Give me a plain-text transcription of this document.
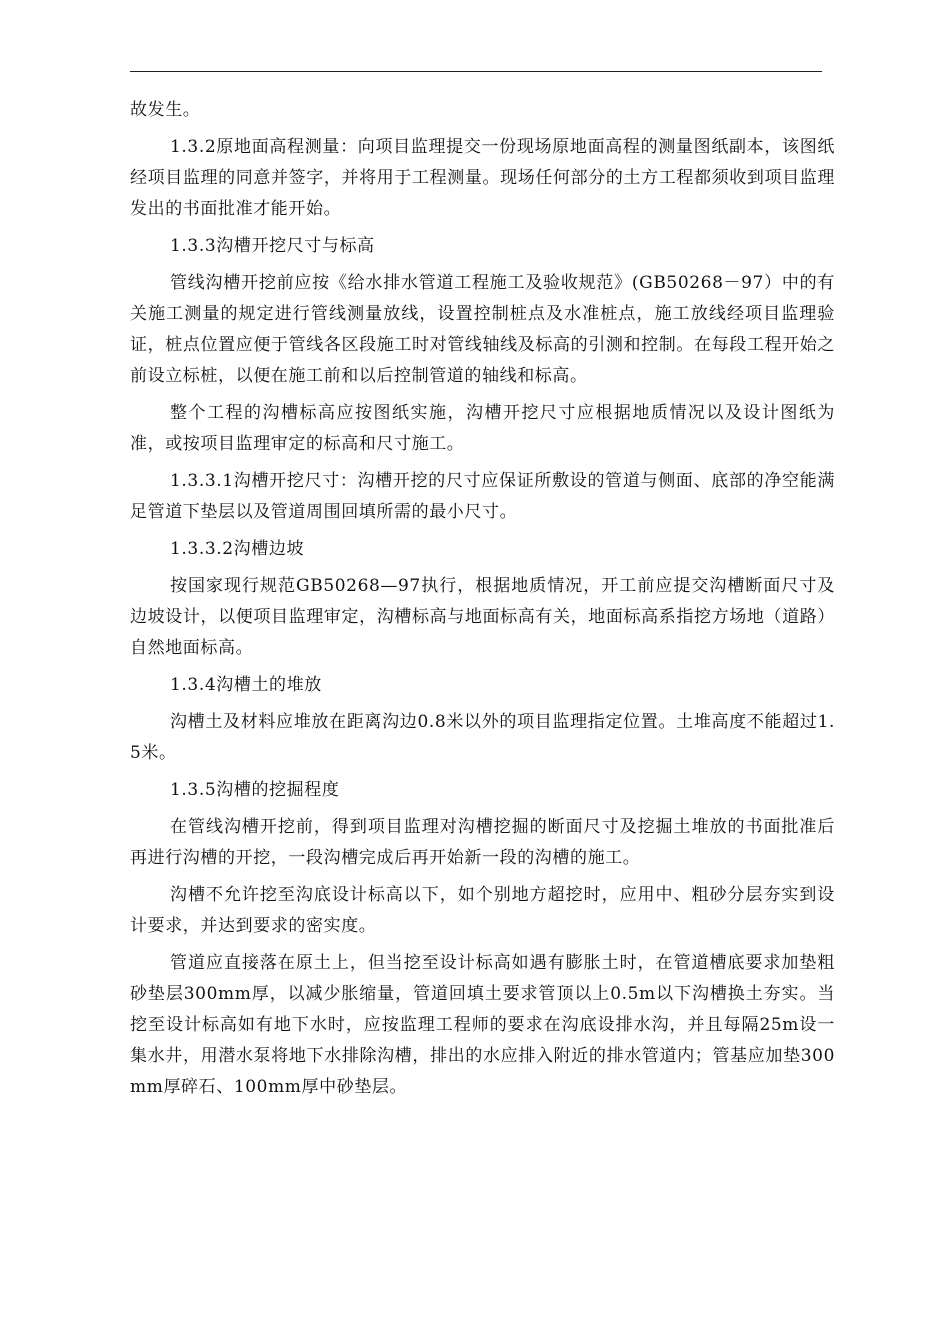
故发生。

1.3.2原地面高程测量：向项目监理提交一份现场原地面高程的测量图纸副本，该图纸经项目监理的同意并签字，并将用于工程测量。现场任何部分的土方工程都须收到项目监理发出的书面批准才能开始。

1.3.3沟槽开挖尺寸与标高

管线沟槽开挖前应按《给水排水管道工程施工及验收规范》(GB50268－97）中的有关施工测量的规定进行管线测量放线，设置控制桩点及水准桩点，施工放线经项目监理验证，桩点位置应便于管线各区段施工时对管线轴线及标高的引测和控制。在每段工程开始之前设立标桩，以便在施工前和以后控制管道的轴线和标高。

整个工程的沟槽标高应按图纸实施，沟槽开挖尺寸应根据地质情况以及设计图纸为准，或按项目监理审定的标高和尺寸施工。

1.3.3.1沟槽开挖尺寸：沟槽开挖的尺寸应保证所敷设的管道与侧面、底部的净空能满足管道下垫层以及管道周围回填所需的最小尺寸。

1.3.3.2沟槽边坡

按国家现行规范GB50268—97执行，根据地质情况，开工前应提交沟槽断面尺寸及边坡设计，以便项目监理审定，沟槽标高与地面标高有关，地面标高系指挖方场地（道路）自然地面标高。

1.3.4沟槽土的堆放

沟槽土及材料应堆放在距离沟边0.8米以外的项目监理指定位置。土堆高度不能超过1.5米。

1.3.5沟槽的挖掘程度

在管线沟槽开挖前，得到项目监理对沟槽挖掘的断面尺寸及挖掘土堆放的书面批准后再进行沟槽的开挖，一段沟槽完成后再开始新一段的沟槽的施工。

沟槽不允许挖至沟底设计标高以下，如个别地方超挖时，应用中、粗砂分层夯实到设计要求，并达到要求的密实度。

管道应直接落在原土上，但当挖至设计标高如遇有膨胀土时，在管道槽底要求加垫粗砂垫层300mm厚，以减少胀缩量，管道回填土要求管顶以上0.5m以下沟槽换土夯实。当挖至设计标高如有地下水时，应按监理工程师的要求在沟底设排水沟，并且每隔25m设一集水井，用潜水泵将地下水排除沟槽，排出的水应排入附近的排水管道内；管基应加垫300mm厚碎石、100mm厚中砂垫层。
